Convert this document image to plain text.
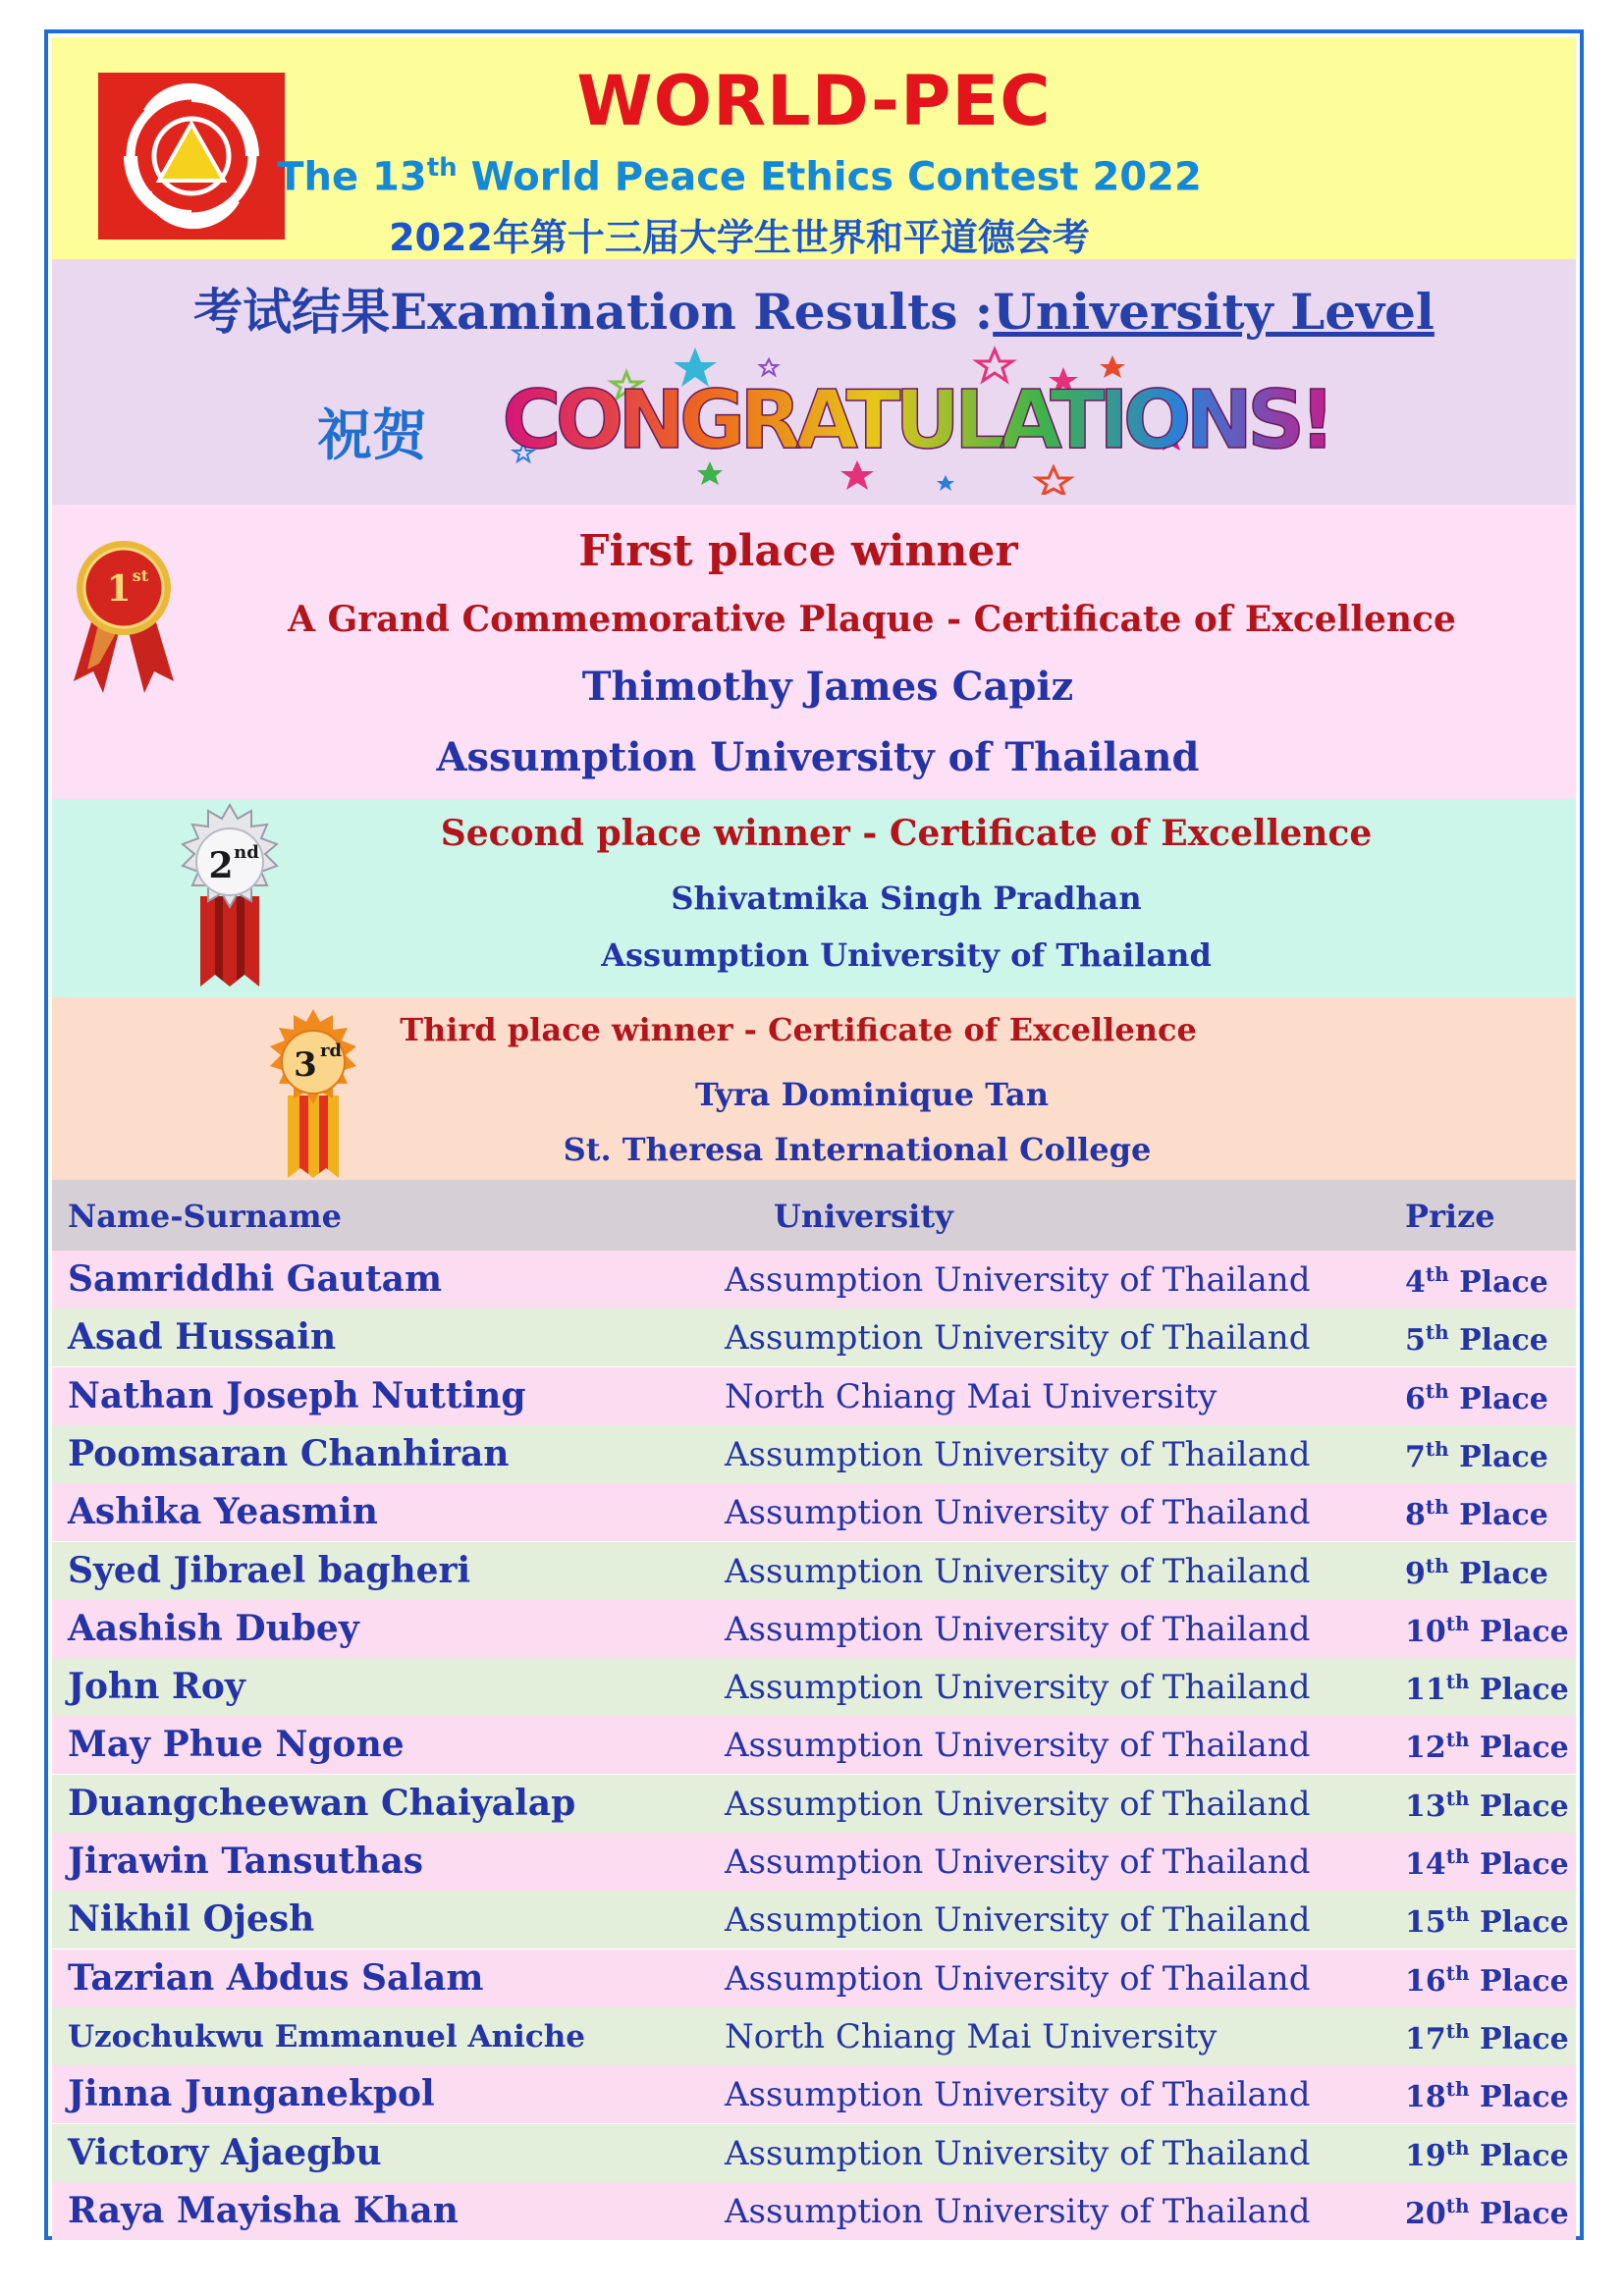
WORLD-PEC
The 13th World Peace Ethics Contest 2022
2022年第十三届大学生世界和平道德会考
考试结果Examination Results :University Level
祝贺 CONGRATULATIONS!
1 st	First place winner
A Grand Commemorative Plaque - Certificate of Excellence
Thimothy James Capiz
Assumption University of Thailand
2 nd	Second place winner - Certificate of Excellence
Shivatmika Singh Pradhan
Assumption University of Thailand
3 rd
Third place winner - Certificate of Excellence
Tyra Dominique Tan
St. Theresa International College
Name-Surname	University	Prize
Samriddhi Gautam	Assumption University of Thailand	4th Place
Asad Hussain	Assumption University of Thailand	5th Place
Nathan Joseph Nutting	North Chiang Mai University	6th Place
Poomsaran Chanhiran	Assumption University of Thailand	7th Place
Ashika Yeasmin	Assumption University of Thailand	8th Place
Syed Jibrael bagheri	Assumption University of Thailand	9th Place
Aashish Dubey	Assumption University of Thailand	10th Place
John Roy	Assumption University of Thailand	11th Place
May Phue Ngone	Assumption University of Thailand	12th Place
Duangcheewan Chaiyalap	Assumption University of Thailand	13th Place
Jirawin Tansuthas	Assumption University of Thailand	14th Place
Nikhil Ojesh	Assumption University of Thailand	15th Place
Tazrian Abdus Salam	Assumption University of Thailand	16th Place
Uzochukwu Emmanuel Aniche	North Chiang Mai University	17th Place
Jinna Junganekpol	Assumption University of Thailand	18th Place
Victory Ajaegbu	Assumption University of Thailand	19th Place
Raya Mayisha Khan	Assumption University of Thailand	20th Place
